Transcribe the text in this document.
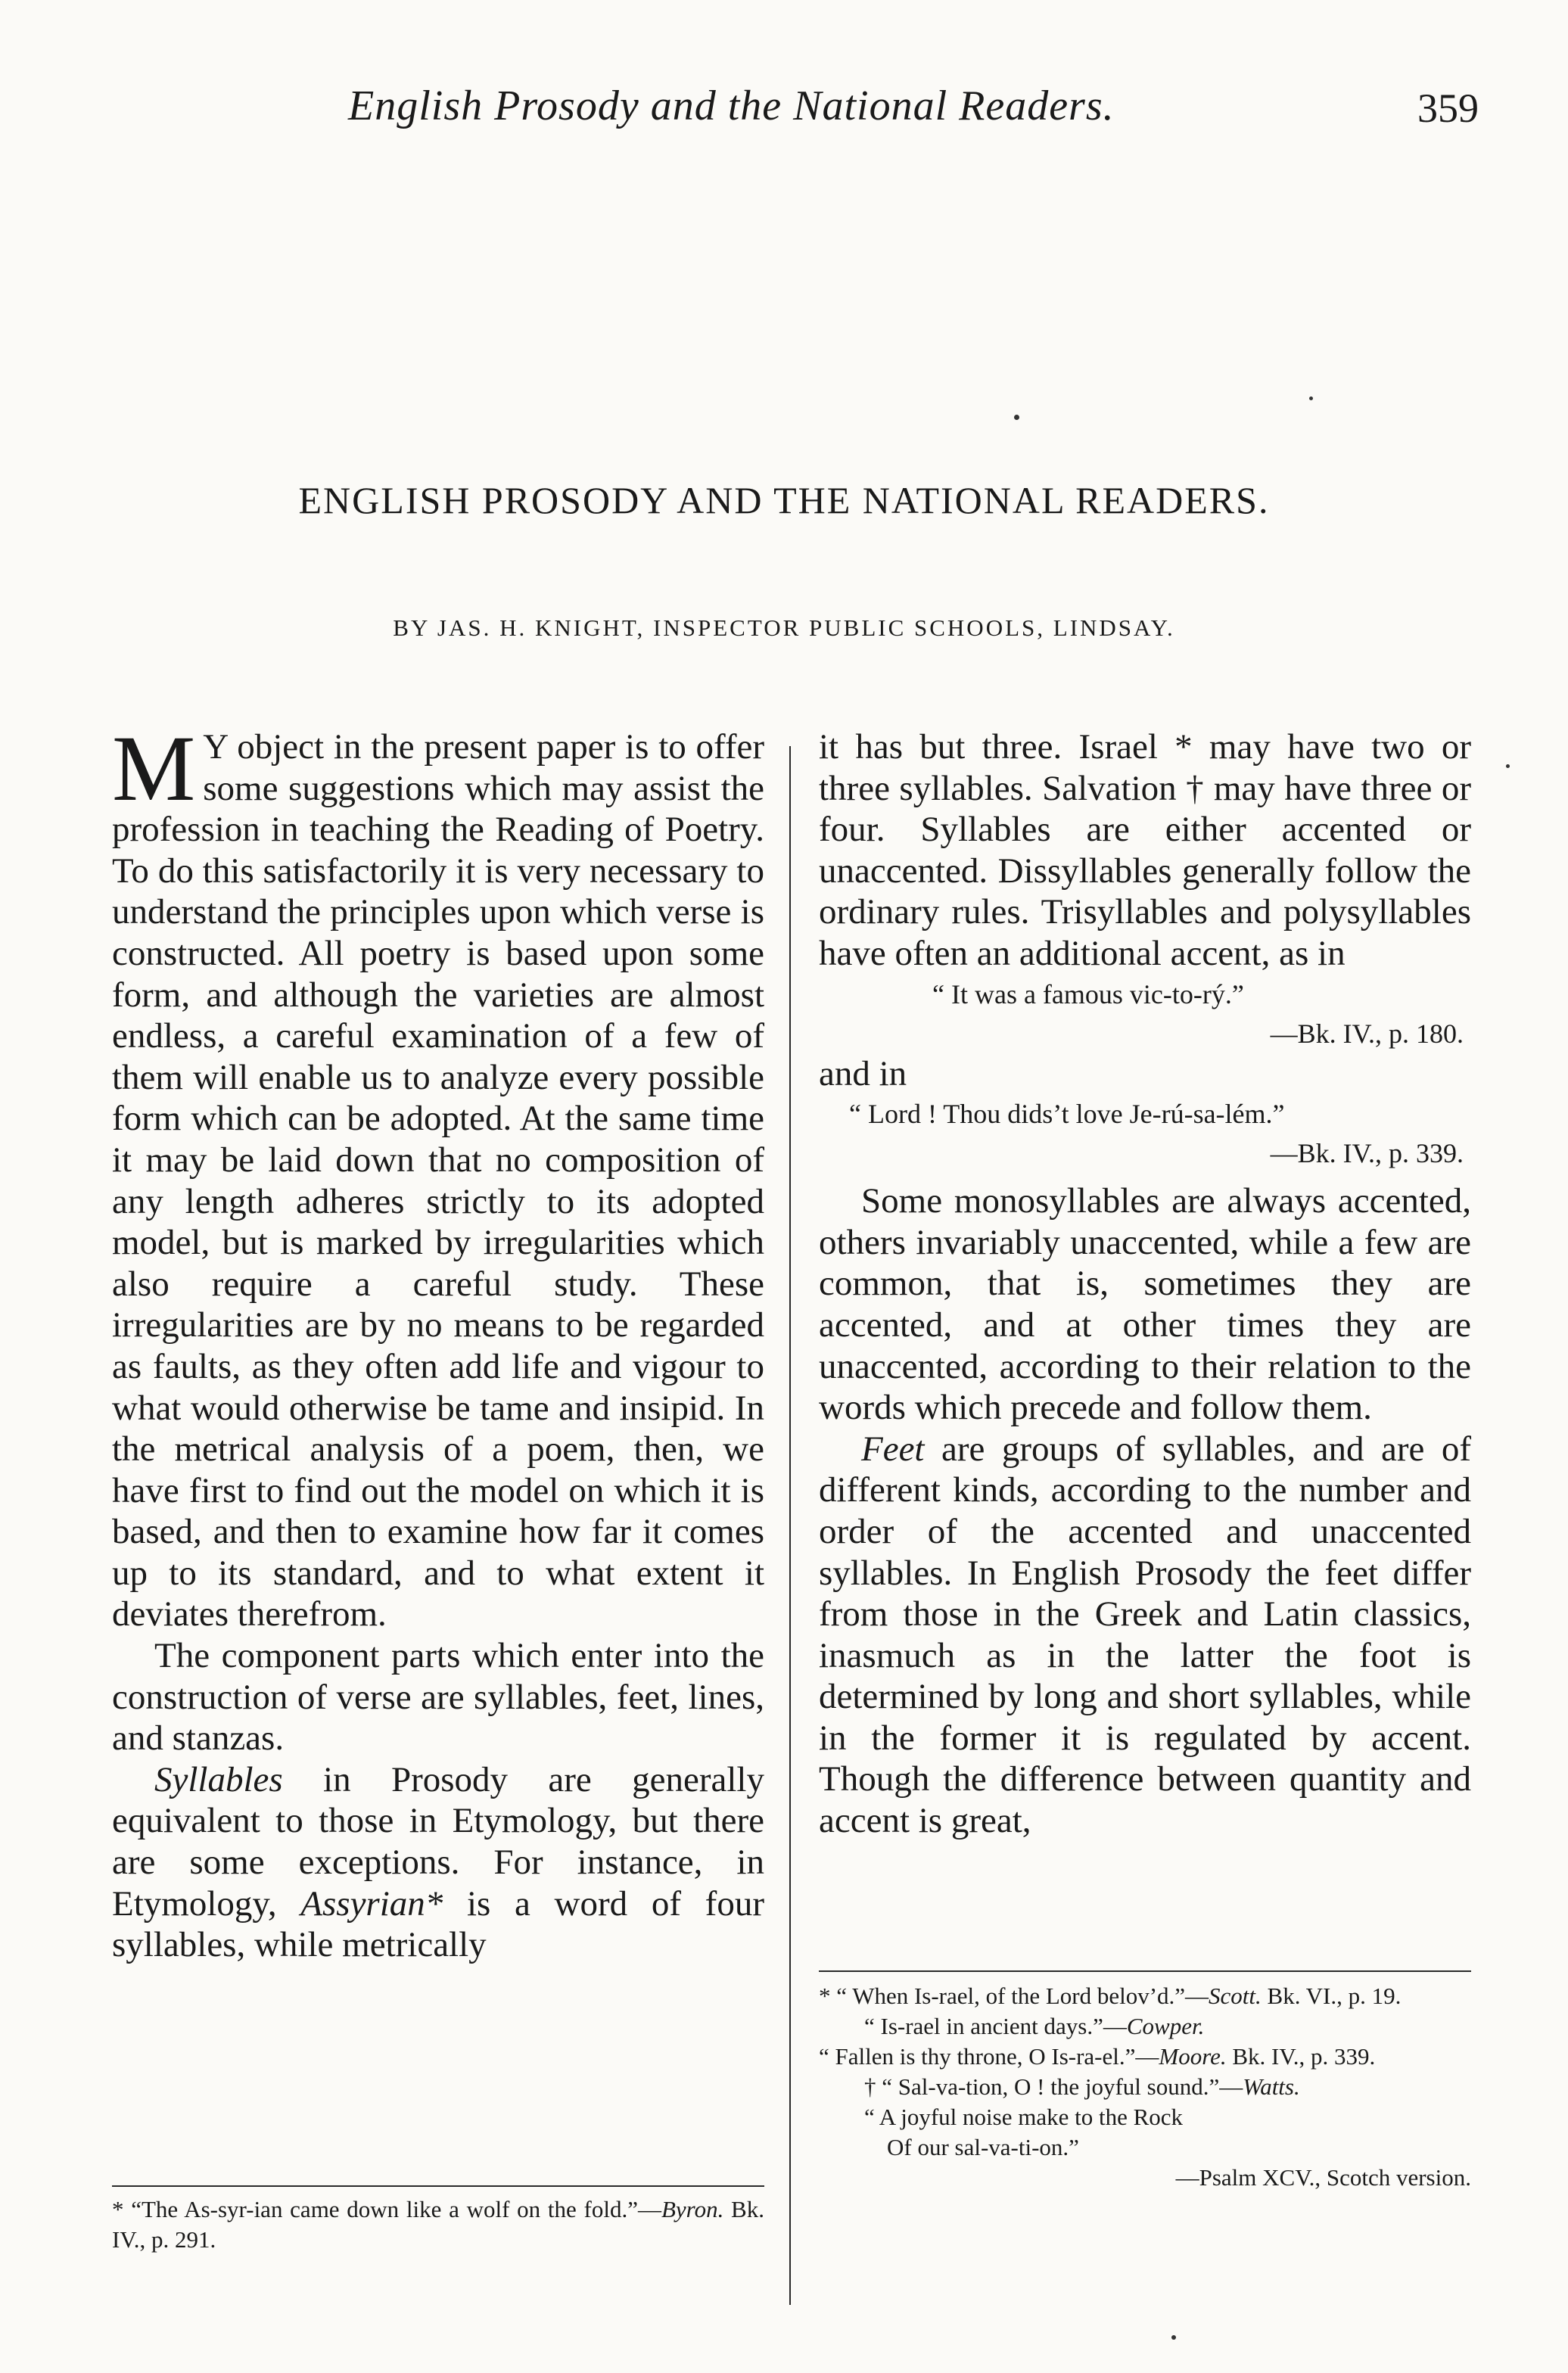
English Prosody and the National Readers.	359
ENGLISH PROSODY AND THE NATIONAL READERS.
BY JAS. H. KNIGHT, INSPECTOR PUBLIC SCHOOLS, LINDSAY.

M Y object in the present paper is to offer some suggestions which may assist the profession in teaching the Reading of Poetry. To do this satisfactorily it is very necessary to understand the principles upon which verse is constructed. All poetry is based upon some form, and although the varieties are almost endless, a careful examination of a few of them will enable us to analyze every possible form which can be adopted. At the same time it may be laid down that no composition of any length adheres strictly to its adopted model, but is marked by irregularities which also require a careful study. These irregularities are by no means to be regarded as faults, as they often add life and vigour to what would otherwise be tame and insipid. In the metrical analysis of a poem, then, we have first to find out the model on which it is based, and then to examine how far it comes up to its standard, and to what extent it deviates therefrom.

The component parts which enter into the construction of verse are syllables, feet, lines, and stanzas.

Syllables in Prosody are generally equivalent to those in Etymology, but there are some exceptions. For instance, in Etymology, Assyrian* is a word of four syllables, while metrically

it has but three. Israel * may have two or three syllables. Salvation † may have three or four. Syllables are either accented or unaccented. Dissyllables generally follow the ordinary rules. Trisyllables and polysyllables have often an additional accent, as in

“ It was a famous vic-to-rý.”
—Bk. IV., p. 180.

and in

“ Lord ! Thou dids’t love Je-rú-sa-lém.”
—Bk. IV., p. 339.

Some monosyllables are always accented, others invariably unaccented, while a few are common, that is, sometimes they are accented, and at other times they are unaccented, according to their relation to the words which precede and follow them.

Feet are groups of syllables, and are of different kinds, according to the number and order of the accented and unaccented syllables. In English Prosody the feet differ from those in the Greek and Latin classics, inasmuch as in the latter the foot is determined by long and short syllables, while in the former it is regulated by accent. Though the difference between quantity and accent is great,

* “The As-syr-ian came down like a wolf on the fold.”—Byron. Bk. IV., p. 291.

* “ When Is-rael, of the Lord belov’d.”—Scott. Bk. VI., p. 19.

“ Is-rael in ancient days.”—Cowper.

“ Fallen is thy throne, O Is-ra-el.”—Moore. Bk. IV., p. 339.

† “ Sal-va-tion, O ! the joyful sound.”—Watts.

“ A joyful noise make to the Rock

Of our sal-va-ti-on.”

—Psalm XCV., Scotch version.
